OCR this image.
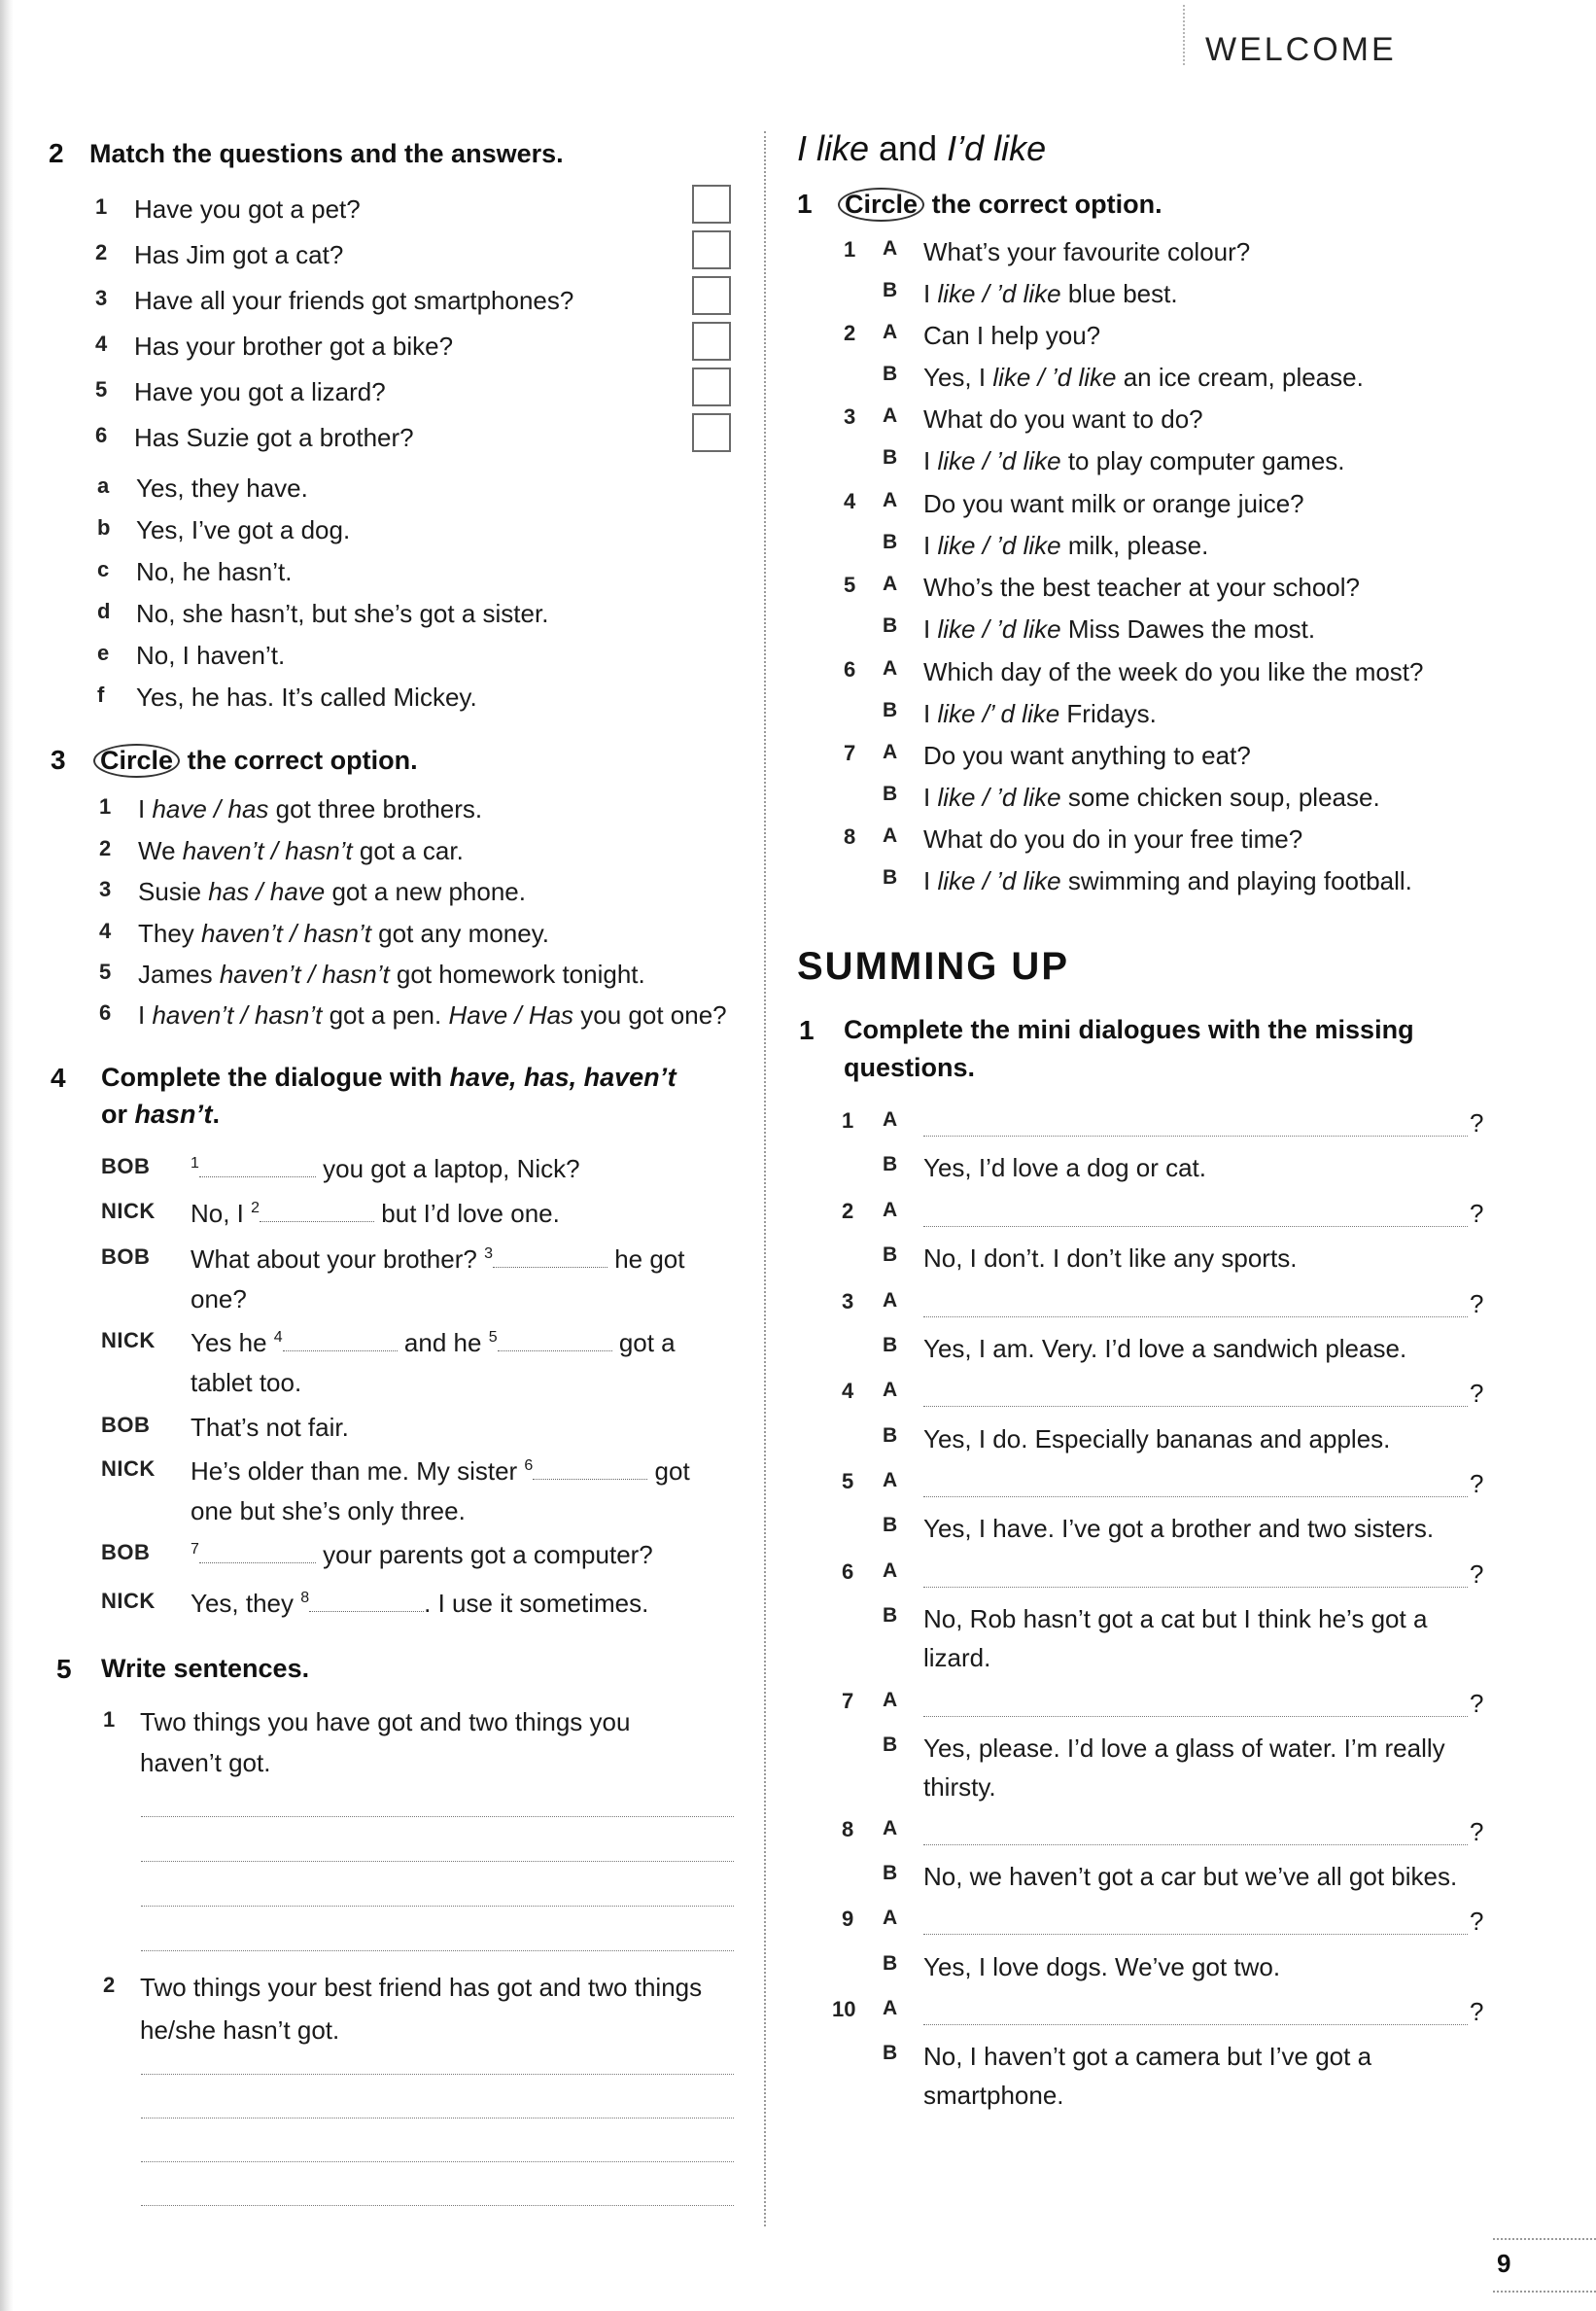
WELCOME
2 Match the questions and the answers.
1 Have you got a pet?
2 Has Jim got a cat?
3 Have all your friends got smartphones?
4 Has your brother got a bike?
5 Have you got a lizard?
6 Has Suzie got a brother?
a Yes, they have.
b Yes, I’ve got a dog.
c No, he hasn’t.
d No, she hasn’t, but she’s got a sister.
e No, I haven’t.
f Yes, he has. It’s called Mickey.
3 Circle the correct option.
1 I have / has got three brothers.
2 We haven’t / hasn’t got a car.
3 Susie has / have got a new phone.
4 They haven’t / hasn’t got any money.
5 James haven’t / hasn’t got homework tonight.
6 I haven’t / hasn’t got a pen. Have / Has you got one?
4 Complete the dialogue with have, has, haven’t
or hasn’t.
BOB	$^1$	you got a laptop, Nick?
NICK No, I $^2$	but I’d love one.
BOB What about your brother? $^3$	he got
one?
NICK Yes he $^4$	and he $^5$	got a
tablet too.
BOB That’s not fair.
NICK He’s older than me. My sister $^6$	got
one but she’s only three.
BOB	$^7$	your parents got a computer?
NICK Yes, they $^8$	. I use it sometimes.
5 Write sentences.
1 Two things you have got and two things you
haven’t got.
2 Two things your best friend has got and two things
he/she hasn’t got.
I like and I’d like
1 Circle the correct option.
1 A What’s your favourite colour?
B I like / ’d like blue best.
2 A Can I help you?
B Yes, I like / ’d like an ice cream, please.
3 A What do you want to do?
B I like / ’d like to play computer games.
4 A Do you want milk or orange juice?
B I like / ’d like milk, please.
5 A Who’s the best teacher at your school?
B I like / ’d like Miss Dawes the most.
6 A Which day of the week do you like the most?
B I like /’ d like Fridays.
7 A Do you want anything to eat?
B I like / ’d like some chicken soup, please.
8 A What do you do in your free time?
B I like / ’d like swimming and playing football.
SUMMING UP
1 Complete the mini dialogues with the missing
questions.
1 A	?
B Yes, I’d love a dog or cat.
2 A	?
B No, I don’t. I don’t like any sports.
3 A	?
B Yes, I am. Very. I’d love a sandwich please.
4 A	?
B Yes, I do. Especially bananas and apples.
5 A	?
B Yes, I have. I’ve got a brother and two sisters.
6 A	?
B No, Rob hasn’t got a cat but I think he’s got a
lizard.
7 A	?
B Yes, please. I’d love a glass of water. I’m really
thirsty.
8 A	?
B No, we haven’t got a car but we’ve all got bikes.
9 A	?
B Yes, I love dogs. We’ve got two.
10 A	?
B No, I haven’t got a camera but I’ve got a
smartphone.
9
